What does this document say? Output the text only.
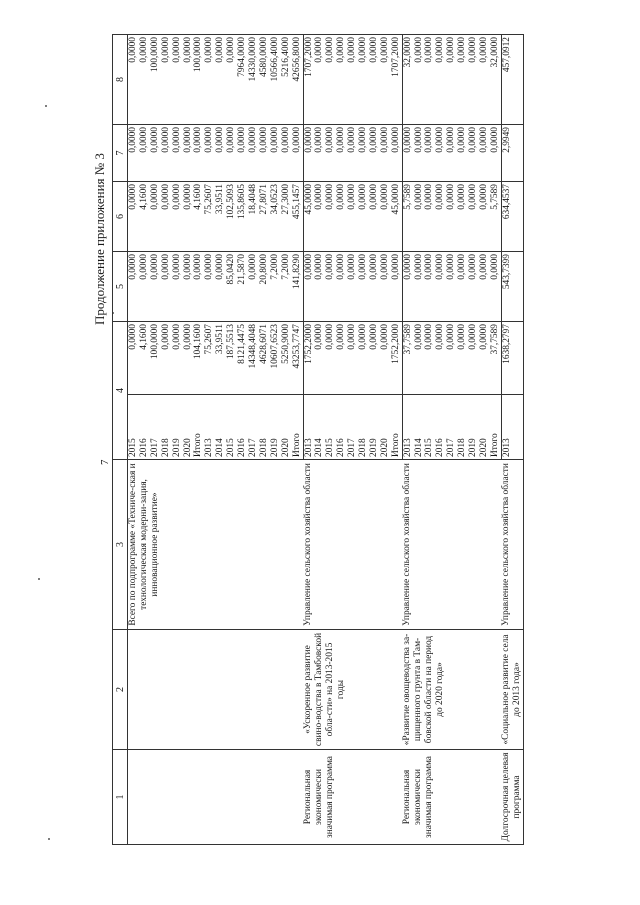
Продолжение приложения № 3
7
1	2	3	4		5	6	7	8
		Всего по подпрограмме «Техниче-ская и технологическая модерни-зация, инновационное развитие»	2015	0,0000	0,0000	0,0000	0,0000	0,0000
			2016	4,1600	0,0000	4,1600	0,0000	0,0000
			2017	100,0000	0,0000	0,0000	0,0000	100,0000
			2018	0,0000	0,0000	0,0000	0,0000	0,0000
			2019	0,0000	0,0000	0,0000	0,0000	0,0000
			2020	0,0000	0,0000	0,0000	0,0000	0,0000
			Итого	104,1600	0,0000	4,1600	0,0000	100,0000
			2013	75,2607	0,0000	75,2607	0,0000	0,0000
			2014	33,9511	0,0000	33,9511	0,0000	0,0000
			2015	187,5513	85,0420	102,5093	0,0000	0,0000
			2016	8121,4475	21,5870	135,8605	0,0000	7964,0000
			2017	14348,4048	0,0000	18,4048	0,0000	14330,0000
			2018	4628,6071	20,8000	27,8071	0,0000	4580,0000
			2019	10607,6523	7,2000	34,0523	0,0000	10566,4000
			2020	5250,9000	7,2000	27,3000	0,0000	5216,4000
			Итого	43253,7747	141,8290	455,1457	0,0000	42656,8000
Региональная экономически значимая программа	«Ускоренное развитие свино-водства в Тамбовской обла-сти» на 2013-2015 годы	Управление сельского хозяйства области	2013	1752,2000	0,0000	45,0000	0,0000	1707,2000
			2014	0,0000	0,0000	0,0000	0,0000	0,0000
			2015	0,0000	0,0000	0,0000	0,0000	0,0000
			2016	0,0000	0,0000	0,0000	0,0000	0,0000
			2017	0,0000	0,0000	0,0000	0,0000	0,0000
			2018	0,0000	0,0000	0,0000	0,0000	0,0000
			2019	0,0000	0,0000	0,0000	0,0000	0,0000
			2020	0,0000	0,0000	0,0000	0,0000	0,0000
			Итого	1752,2000	0,0000	45,0000	0,0000	1707,2000
Региональная экономически значимая программа	«Развитие овощеводства за-щищенного грунта в Там-бовской области на период до 2020 года»	Управление сельского хозяйства области	2013	37,7589	0,0000	5,7589	0,0000	32,0000
			2014	0,0000	0,0000	0,0000	0,0000	0,0000
			2015	0,0000	0,0000	0,0000	0,0000	0,0000
			2016	0,0000	0,0000	0,0000	0,0000	0,0000
			2017	0,0000	0,0000	0,0000	0,0000	0,0000
			2018	0,0000	0,0000	0,0000	0,0000	0,0000
			2019	0,0000	0,0000	0,0000	0,0000	0,0000
			2020	0,0000	0,0000	0,0000	0,0000	0,0000
			Итого	37,7589	0,0000	5,7589	0,0000	32,0000
Долгосрочная целевая программа	«Социальное развитие села до 2013 года»	Управление сельского хозяйства области	2013	1638,2797	543,7399	634,4537	2,9949	457,0912
